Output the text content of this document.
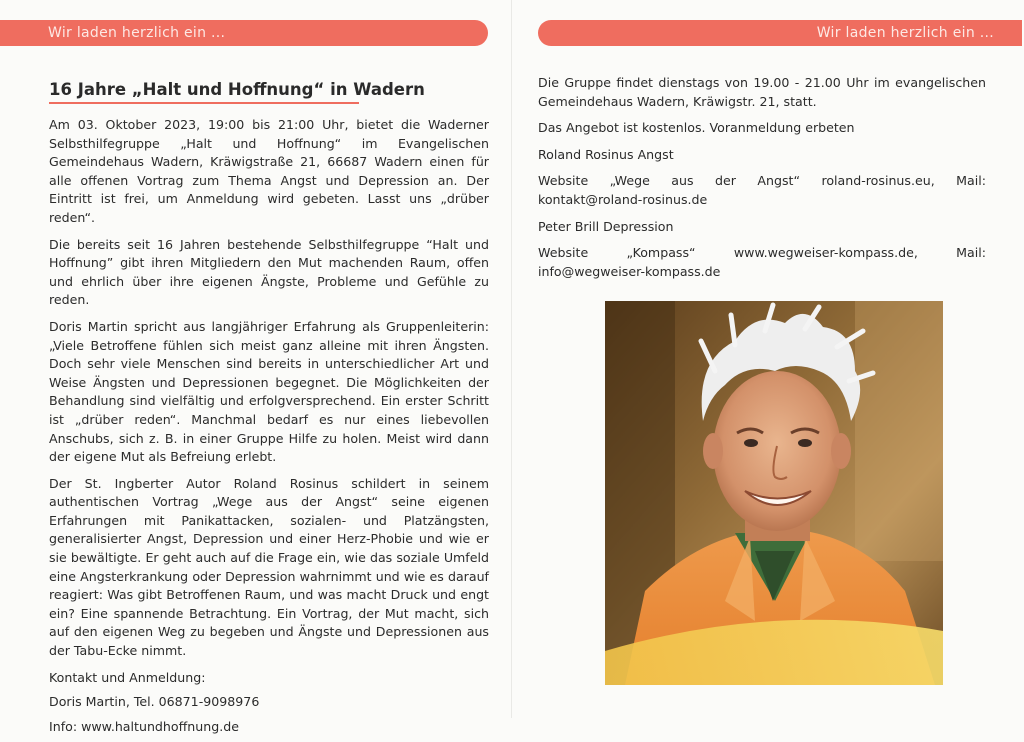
Wir laden herzlich ein ...
16 Jahre „Halt und Hoffnung“ in Wadern

Am 03. Oktober 2023, 19:00 bis 21:00 Uhr, bietet die Waderner Selbsthilfegruppe „Halt und Hoffnung“ im Evangelischen Gemeindehaus Wadern, Kräwigstraße 21, 66687 Wadern einen für alle offenen Vortrag zum Thema Angst und Depression an. Der Eintritt ist frei, um Anmeldung wird gebeten. Lasst uns „drüber reden“.

Die bereits seit 16 Jahren bestehende Selbsthilfegruppe “Halt und Hoffnung” gibt ihren Mitgliedern den Mut machenden Raum, offen und ehrlich über ihre eigenen Ängste, Probleme und Gefühle zu reden.

Doris Martin spricht aus langjähriger Erfahrung als Gruppenleiterin: „Viele Betroffene fühlen sich meist ganz alleine mit ihren Ängsten. Doch sehr viele Menschen sind bereits in unterschiedlicher Art und Weise Ängsten und Depressionen begegnet. Die Möglichkeiten der Behandlung sind vielfältig und erfolgversprechend. Ein erster Schritt ist „drüber reden“. Manchmal bedarf es nur eines liebevollen Anschubs, sich z. B. in einer Gruppe Hilfe zu holen. Meist wird dann der eigene Mut als Befreiung erlebt.

Der St. Ingberter Autor Roland Rosinus schildert in seinem authentischen Vortrag „Wege aus der Angst“ seine eigenen Erfahrungen mit Panikattacken, sozialen- und Platzängsten, generalisierter Angst, Depression und einer Herz-Phobie und wie er sie bewältigte. Er geht auch auf die Frage ein, wie das soziale Umfeld eine Angsterkrankung oder Depression wahrnimmt und wie es darauf reagiert: Was gibt Betroffenen Raum, und was macht Druck und engt ein? Eine spannende Betrachtung. Ein Vortrag, der Mut macht, sich auf den eigenen Weg zu begeben und Ängste und Depressionen aus der Tabu-Ecke nimmt.

Kontakt und Anmeldung:

Doris Martin, Tel. 06871-9098976

Info: www.haltundhoffnung.de

Wir laden herzlich ein ...

Die Gruppe findet dienstags von 19.00 - 21.00 Uhr im evangelischen Gemeindehaus Wadern, Kräwigstr. 21, statt.

Das Angebot ist kostenlos. Voranmeldung erbeten

Roland Rosinus Angst

Website „Wege aus der Angst“ roland-rosinus.eu, Mail: kontakt@roland-rosinus.de

Peter Brill Depression

Website „Kompass“ www.wegweiser-kompass.de, Mail: info@wegweiser-kompass.de
